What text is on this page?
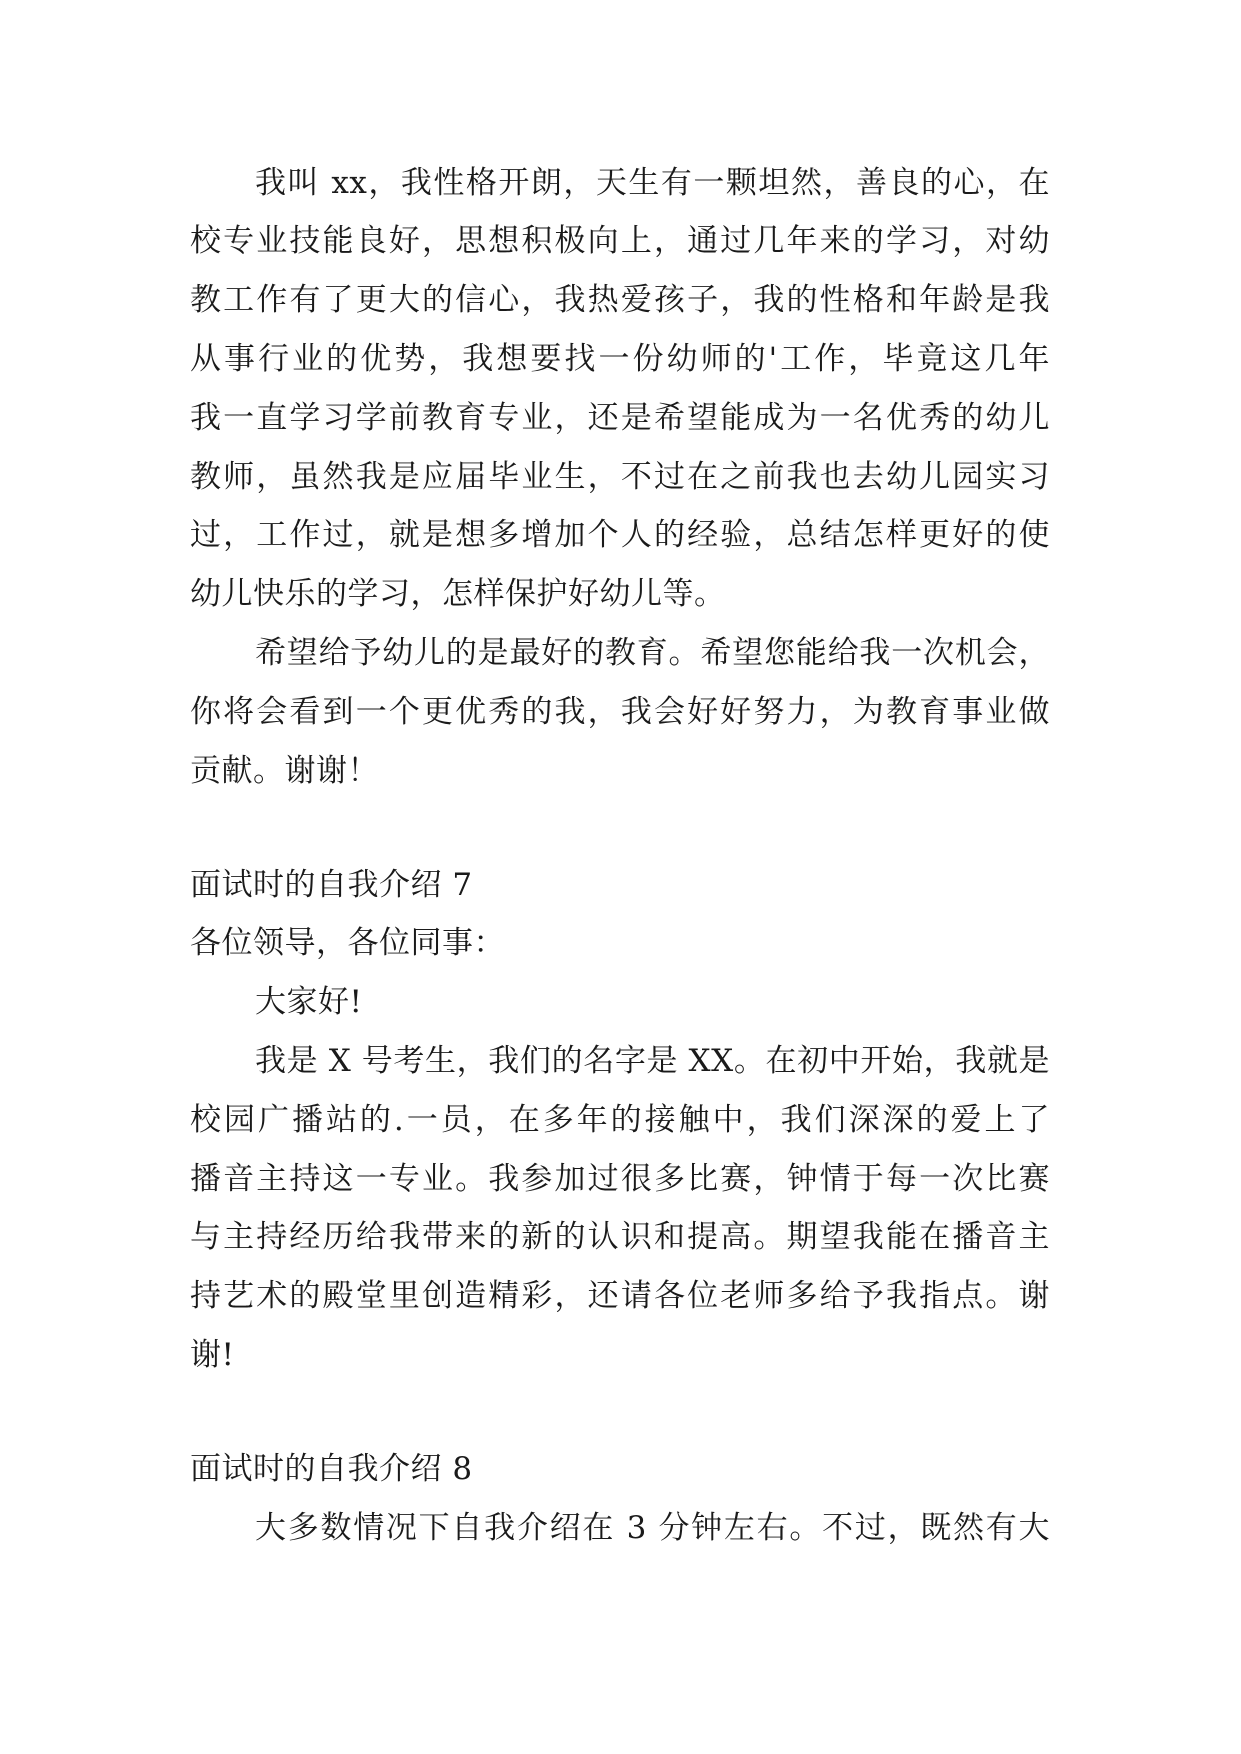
我叫 xx，我性格开朗，天生有一颗坦然，善良的心，在
校专业技能良好，思想积极向上，通过几年来的学习，对幼
教工作有了更大的信心，我热爱孩子，我的性格和年龄是我
从事行业的优势，我想要找一份幼师的'工作，毕竟这几年
我一直学习学前教育专业，还是希望能成为一名优秀的幼儿
教师，虽然我是应届毕业生，不过在之前我也去幼儿园实习
过，工作过，就是想多增加个人的经验，总结怎样更好的使
幼儿快乐的学习，怎样保护好幼儿等。
希望给予幼儿的是最好的教育。希望您能给我一次机会，
你将会看到一个更优秀的我，我会好好努力，为教育事业做
贡献。谢谢！
面试时的自我介绍 7
各位领导，各位同事：
大家好!
我是 X 号考生，我们的名字是 XX。在初中开始，我就是
校园广播站的.一员，在多年的接触中，我们深深的爱上了
播音主持这一专业。我参加过很多比赛，钟情于每一次比赛
与主持经历给我带来的新的认识和提高。期望我能在播音主
持艺术的殿堂里创造精彩，还请各位老师多给予我指点。谢
谢!
面试时的自我介绍 8
大多数情况下自我介绍在 3 分钟左右。不过，既然有大
